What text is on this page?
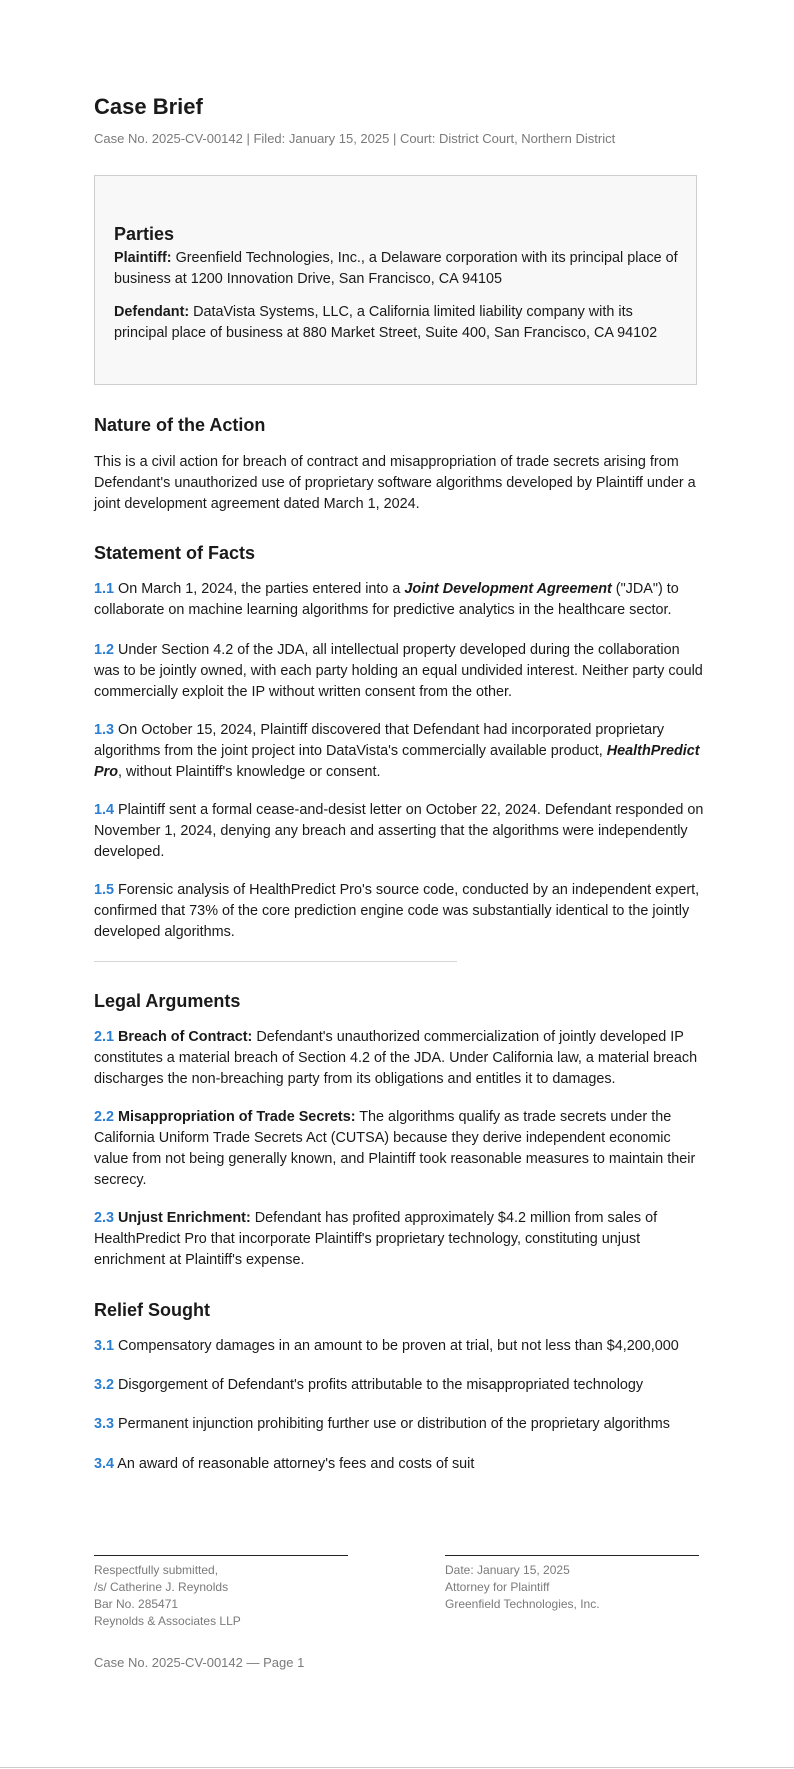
Case Brief
Case No. 2025-CV-00142 | Filed: January 15, 2025 | Court: District Court, Northern District
Parties
Plaintiff: Greenfield Technologies, Inc., a Delaware corporation with its principal place of business at 1200 Innovation Drive, San Francisco, CA 94105
Defendant: DataVista Systems, LLC, a California limited liability company with its principal place of business at 880 Market Street, Suite 400, San Francisco, CA 94102
Nature of the Action

This is a civil action for breach of contract and misappropriation of trade secrets arising from Defendant's unauthorized use of proprietary software algorithms developed by Plaintiff under a joint development agreement dated March 1, 2024.

Statement of Facts

1.1 On March 1, 2024, the parties entered into a Joint Development Agreement ("JDA") to collaborate on machine learning algorithms for predictive analytics in the healthcare sector.

1.2 Under Section 4.2 of the JDA, all intellectual property developed during the collaboration was to be jointly owned, with each party holding an equal undivided interest. Neither party could commercially exploit the IP without written consent from the other.

1.3 On October 15, 2024, Plaintiff discovered that Defendant had incorporated proprietary algorithms from the joint project into DataVista's commercially available product, HealthPredict Pro, without Plaintiff's knowledge or consent.

1.4 Plaintiff sent a formal cease-and-desist letter on October 22, 2024. Defendant responded on November 1, 2024, denying any breach and asserting that the algorithms were independently developed.

1.5 Forensic analysis of HealthPredict Pro's source code, conducted by an independent expert, confirmed that 73% of the core prediction engine code was substantially identical to the jointly developed algorithms.

Legal Arguments

2.1 Breach of Contract: Defendant's unauthorized commercialization of jointly developed IP constitutes a material breach of Section 4.2 of the JDA. Under California law, a material breach discharges the non-breaching party from its obligations and entitles it to damages.

2.2 Misappropriation of Trade Secrets: The algorithms qualify as trade secrets under the California Uniform Trade Secrets Act (CUTSA) because they derive independent economic value from not being generally known, and Plaintiff took reasonable measures to maintain their secrecy.

2.3 Unjust Enrichment: Defendant has profited approximately $4.2 million from sales of HealthPredict Pro that incorporate Plaintiff's proprietary technology, constituting unjust enrichment at Plaintiff's expense.

Relief Sought

3.1 Compensatory damages in an amount to be proven at trial, but not less than $4,200,000

3.2 Disgorgement of Defendant's profits attributable to the misappropriated technology

3.3 Permanent injunction prohibiting further use or distribution of the proprietary algorithms

3.4 An award of reasonable attorney's fees and costs of suit

Respectfully submitted,
/s/ Catherine J. Reynolds
Bar No. 285471
Reynolds & Associates LLP
Date: January 15, 2025
Attorney for Plaintiff
Greenfield Technologies, Inc.
Case No. 2025-CV-00142 — Page 1
